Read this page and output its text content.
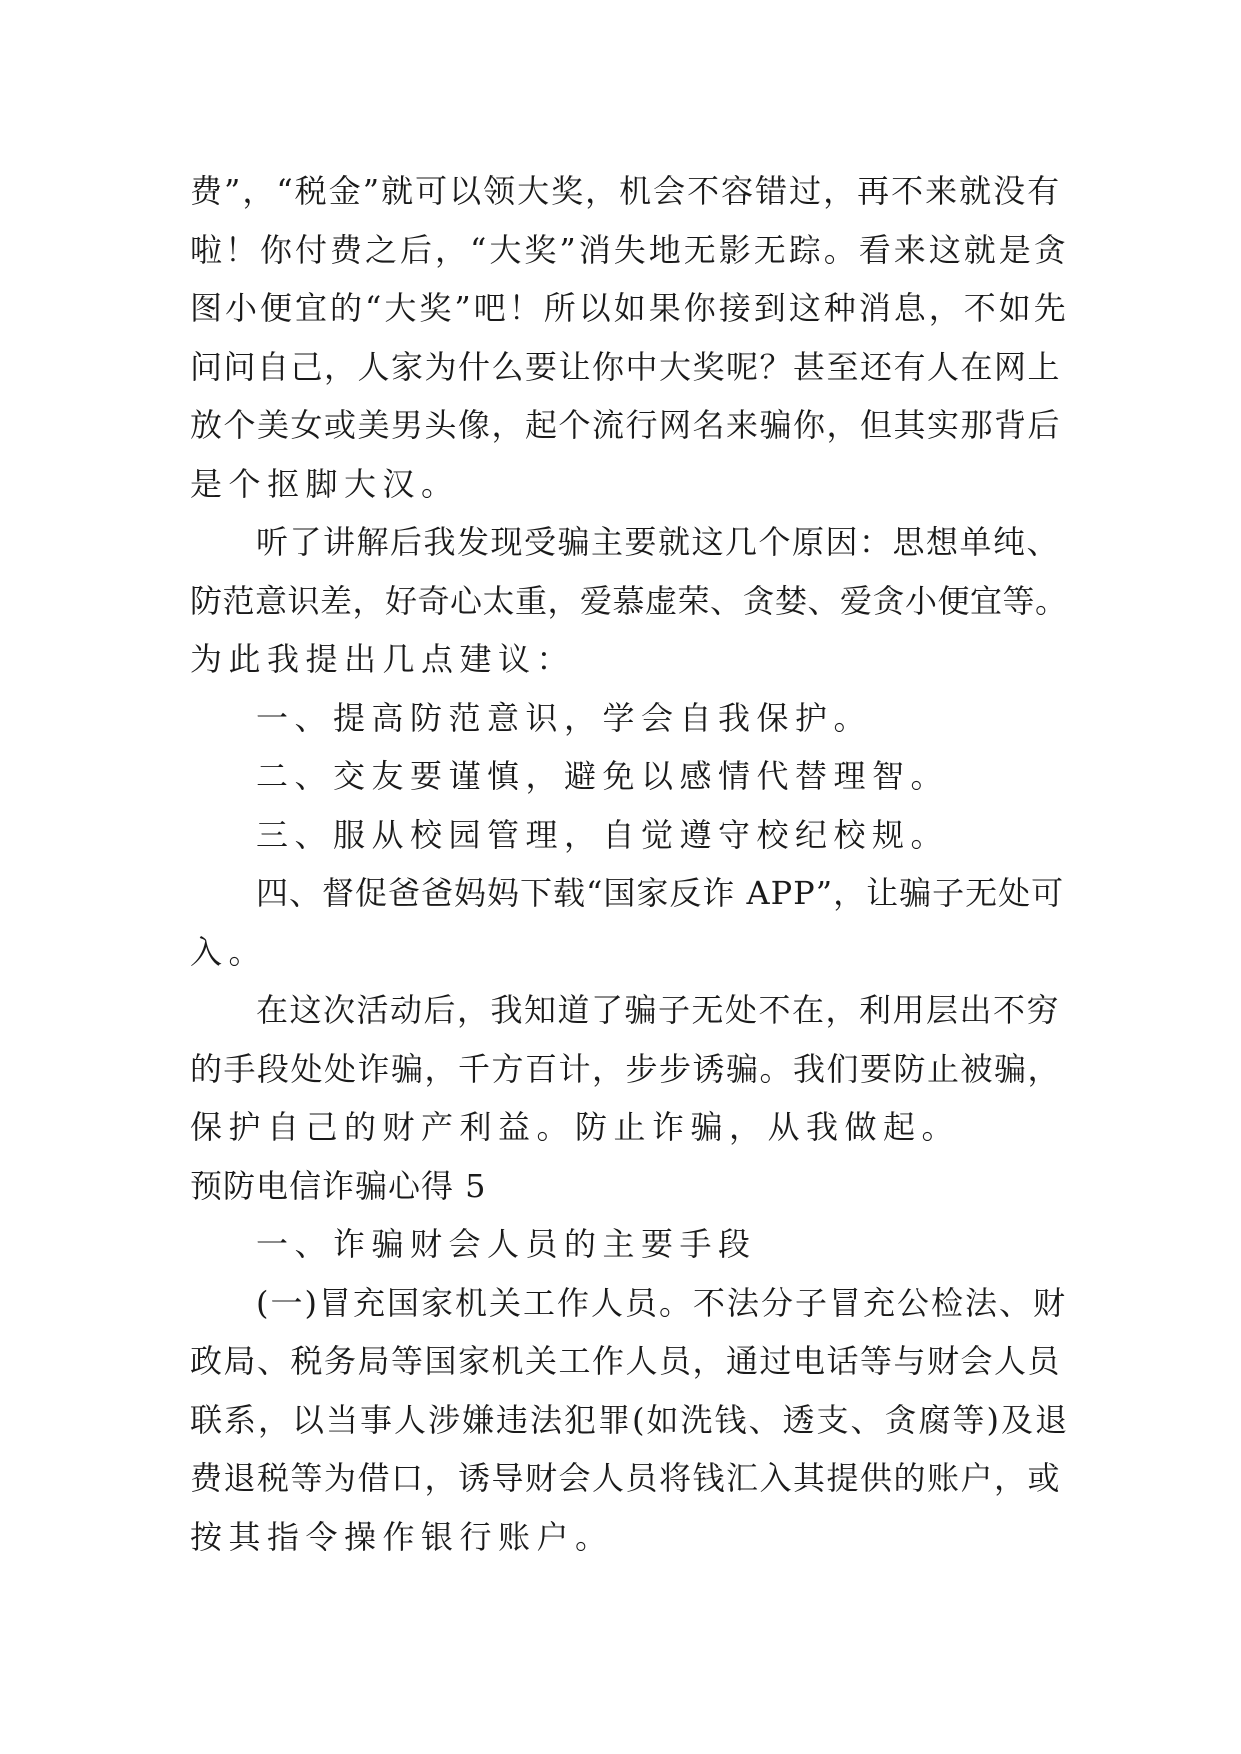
费”，“税金”就可以领大奖，机会不容错过，再不来就没有
啦！你付费之后，“大奖”消失地无影无踪。看来这就是贪
图小便宜的“大奖”吧！所以如果你接到这种消息，不如先
问问自己，人家为什么要让你中大奖呢？甚至还有人在网上
放个美女或美男头像，起个流行网名来骗你，但其实那背后
是个抠脚大汉。
听了讲解后我发现受骗主要就这几个原因：思想单纯、
防范意识差，好奇心太重，爱慕虚荣、贪婪、爱贪小便宜等。
为此我提出几点建议：
一、提高防范意识，学会自我保护。
二、交友要谨慎，避免以感情代替理智。
三、服从校园管理，自觉遵守校纪校规。
四、督促爸爸妈妈下载“国家反诈 APP”，让骗子无处可
入。
在这次活动后，我知道了骗子无处不在，利用层出不穷
的手段处处诈骗，千方百计，步步诱骗。我们要防止被骗，
保护自己的财产利益。防止诈骗，从我做起。
预防电信诈骗心得 5
一、诈骗财会人员的主要手段
(一)冒充国家机关工作人员。不法分子冒充公检法、财
政局、税务局等国家机关工作人员，通过电话等与财会人员
联系，以当事人涉嫌违法犯罪(如洗钱、透支、贪腐等)及退
费退税等为借口，诱导财会人员将钱汇入其提供的账户，或
按其指令操作银行账户。
